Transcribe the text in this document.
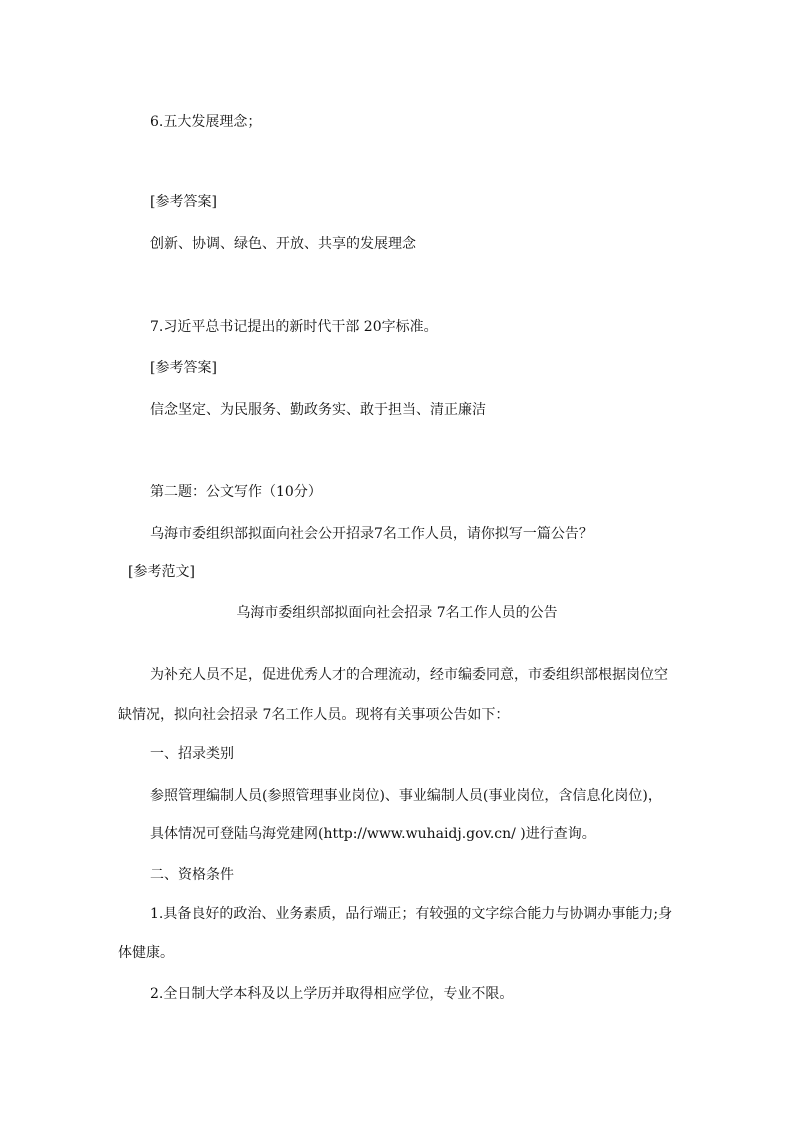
6.五大发展理念；

[参考答案]

创新、协调、绿色、开放、共享的发展理念

7.习近平总书记提出的新时代干部 20字标准。

[参考答案]

信念坚定、为民服务、勤政务实、敢于担当、清正廉洁

第二题：公文写作（10分）

乌海市委组织部拟面向社会公开招录7名工作人员，请你拟写一篇公告？

[参考范文]

乌海市委组织部拟面向社会招录 7名工作人员的公告

为补充人员不足，促进优秀人才的合理流动，经市编委同意，市委组织部根据岗位空

缺情况，拟向社会招录 7名工作人员。现将有关事项公告如下：

一、招录类别

参照管理编制人员(参照管理事业岗位)、事业编制人员(事业岗位，含信息化岗位)，

具体情况可登陆乌海党建网(http://www.wuhaidj.gov.cn/ )进行查询。

二、资格条件

1.具备良好的政治、业务素质，品行端正；有较强的文字综合能力与协调办事能力;身

体健康。

2.全日制大学本科及以上学历并取得相应学位，专业不限。
